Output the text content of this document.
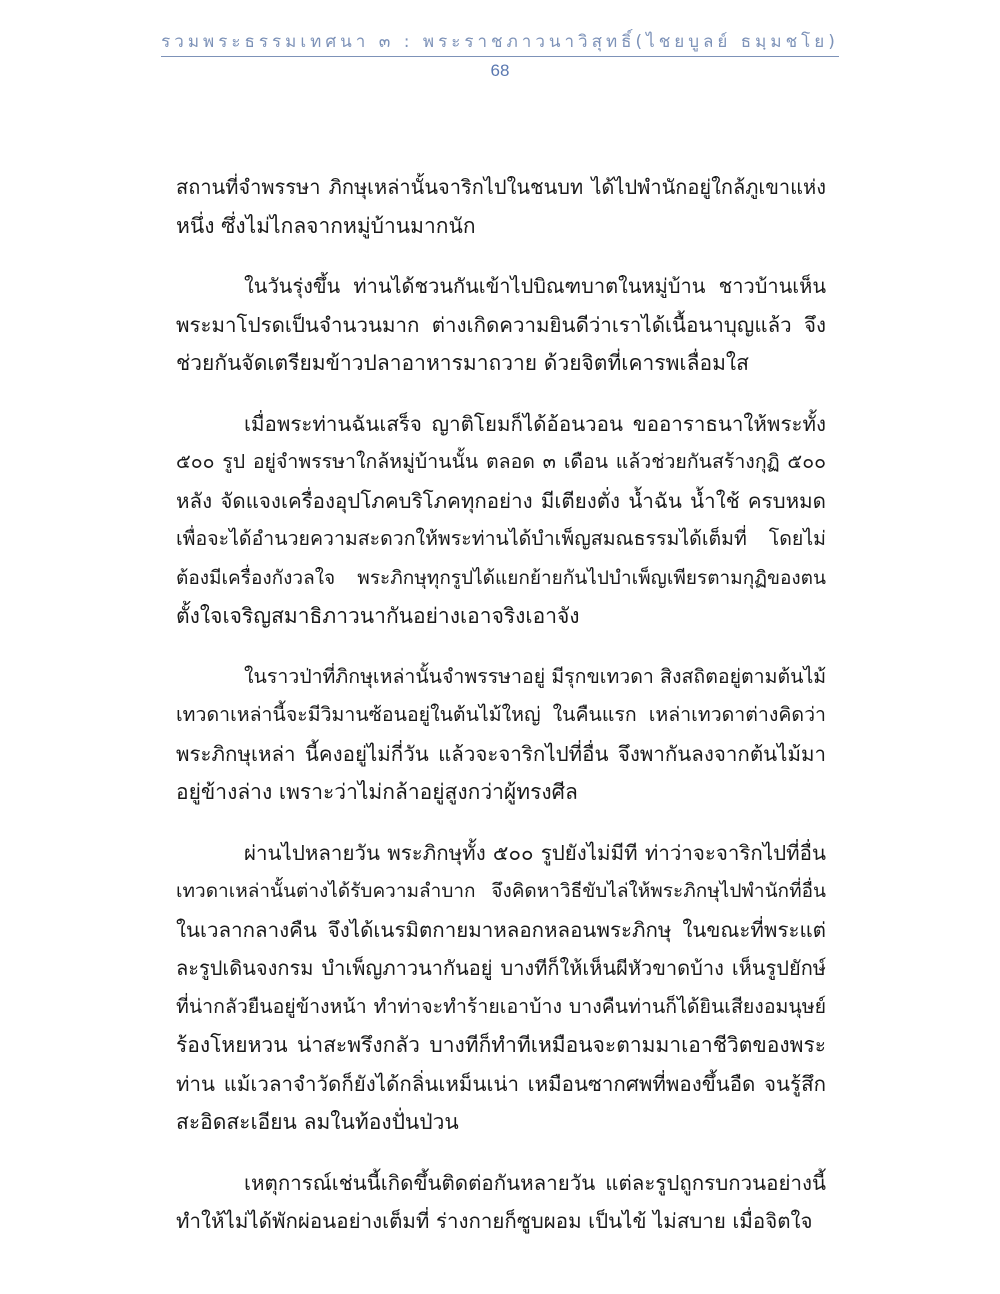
รวมพระธรรมเทศนา ๓ : พระราชภาวนาวิสุทธิ์(ไชยบูลย์ ธมฺมชโย)
68
สถานที่จำพรรษา ภิกษุเหล่านั้นจาริกไปในชนบท ได้ไปพำนักอยู่ใกล้ภูเขาแห่ง
หนึ่ง ซึ่งไม่ไกลจากหมู่บ้านมากนัก
ในวันรุ่งขึ้น ท่านได้ชวนกันเข้าไปบิณฑบาตในหมู่บ้าน ชาวบ้านเห็น
พระมาโปรดเป็นจำนวนมาก ต่างเกิดความยินดีว่าเราได้เนื้อนาบุญแล้ว จึง
ช่วยกันจัดเตรียมข้าวปลาอาหารมาถวาย ด้วยจิตที่เคารพเลื่อมใส
เมื่อพระท่านฉันเสร็จ ญาติโยมก็ได้อ้อนวอน ขออาราธนาให้พระทั้ง
๕๐๐ รูป อยู่จำพรรษาใกล้หมู่บ้านนั้น ตลอด ๓ เดือน แล้วช่วยกันสร้างกุฏิ ๕๐๐
หลัง จัดแจงเครื่องอุปโภคบริโภคทุกอย่าง มีเตียงตั่ง น้ำฉัน น้ำใช้ ครบหมด
เพื่อจะได้อำนวยความสะดวกให้พระท่านได้บำเพ็ญสมณธรรมได้เต็มที่ โดยไม่
ต้องมีเครื่องกังวลใจ พระภิกษุทุกรูปได้แยกย้ายกันไปบำเพ็ญเพียรตามกุฏิของตน
ตั้งใจเจริญสมาธิภาวนากันอย่างเอาจริงเอาจัง
ในราวป่าที่ภิกษุเหล่านั้นจำพรรษาอยู่ มีรุกขเทวดา สิงสถิตอยู่ตามต้นไม้
เทวดาเหล่านี้จะมีวิมานซ้อนอยู่ในต้นไม้ใหญ่ ในคืนแรก เหล่าเทวดาต่างคิดว่า
พระภิกษุเหล่า นี้คงอยู่ไม่กี่วัน แล้วจะจาริกไปที่อื่น จึงพากันลงจากต้นไม้มา
อยู่ข้างล่าง เพราะว่าไม่กล้าอยู่สูงกว่าผู้ทรงศีล
ผ่านไปหลายวัน พระภิกษุทั้ง ๕๐๐ รูปยังไม่มีที ท่าว่าจะจาริกไปที่อื่น
เทวดาเหล่านั้นต่างได้รับความลำบาก จึงคิดหาวิธีขับไล่ให้พระภิกษุไปพำนักที่อื่น
ในเวลากลางคืน จึงได้เนรมิตกายมาหลอกหลอนพระภิกษุ ในขณะที่พระแต่
ละรูปเดินจงกรม บำเพ็ญภาวนากันอยู่ บางทีก็ให้เห็นผีหัวขาดบ้าง เห็นรูปยักษ์
ที่น่ากลัวยืนอยู่ข้างหน้า ทำท่าจะทำร้ายเอาบ้าง บางคืนท่านก็ได้ยินเสียงอมนุษย์
ร้องโหยหวน น่าสะพรึงกลัว บางทีก็ทำทีเหมือนจะตามมาเอาชีวิตของพระ
ท่าน แม้เวลาจำวัดก็ยังได้กลิ่นเหม็นเน่า เหมือนซากศพที่พองขึ้นอืด จนรู้สึก
สะอิดสะเอียน ลมในท้องปั่นป่วน
เหตุการณ์เช่นนี้เกิดขึ้นติดต่อกันหลายวัน แต่ละรูปถูกรบกวนอย่างนี้
ทำให้ไม่ได้พักผ่อนอย่างเต็มที่ ร่างกายก็ซูบผอม เป็นไข้ ไม่สบาย เมื่อจิตใจ
